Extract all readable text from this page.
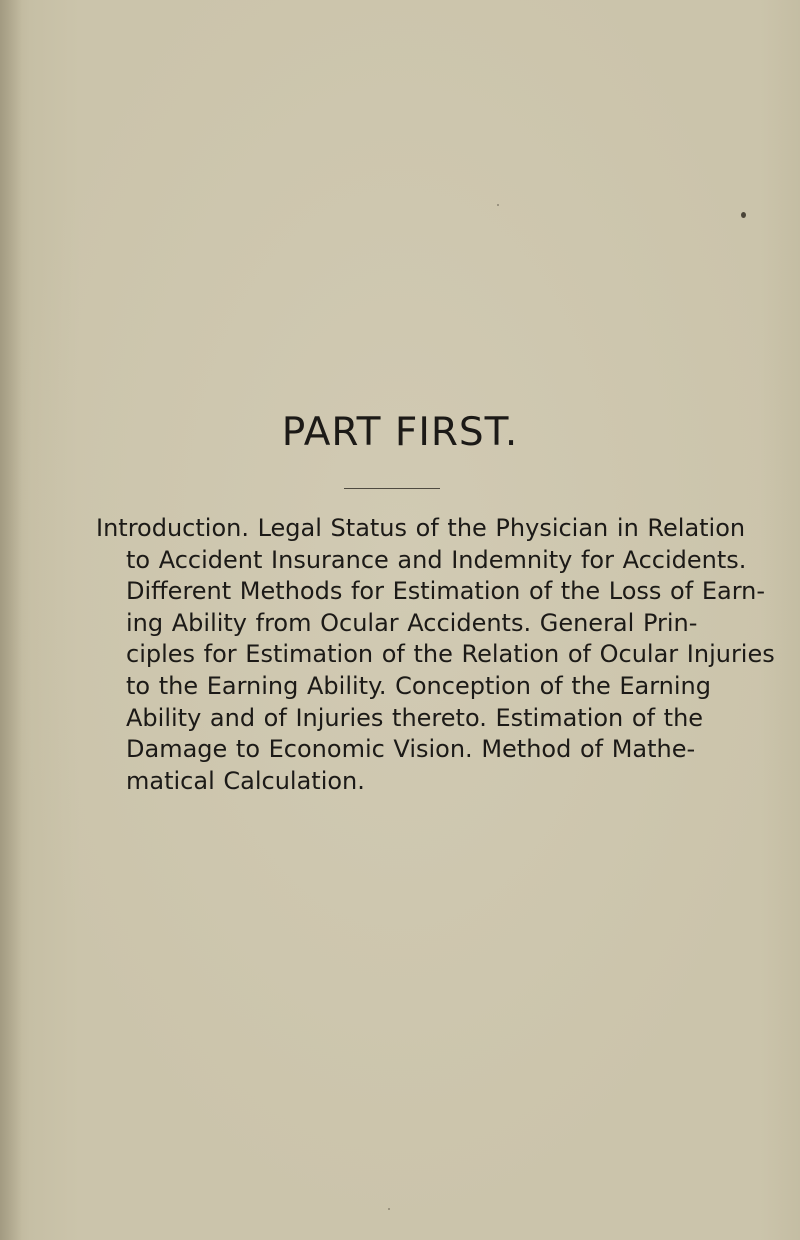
PART FIRST.

Introduction. Legal Status of the Physician in Relation
to Accident Insurance and Indemnity for Accidents.
Different Methods for Estimation of the Loss of Earn-
ing Ability from Ocular Accidents. General Prin-
ciples for Estimation of the Relation of Ocular Injuries
to the Earning Ability. Conception of the Earning
Ability and of Injuries thereto. Estimation of the
Damage to Economic Vision. Method of Mathe-
matical Calculation.
